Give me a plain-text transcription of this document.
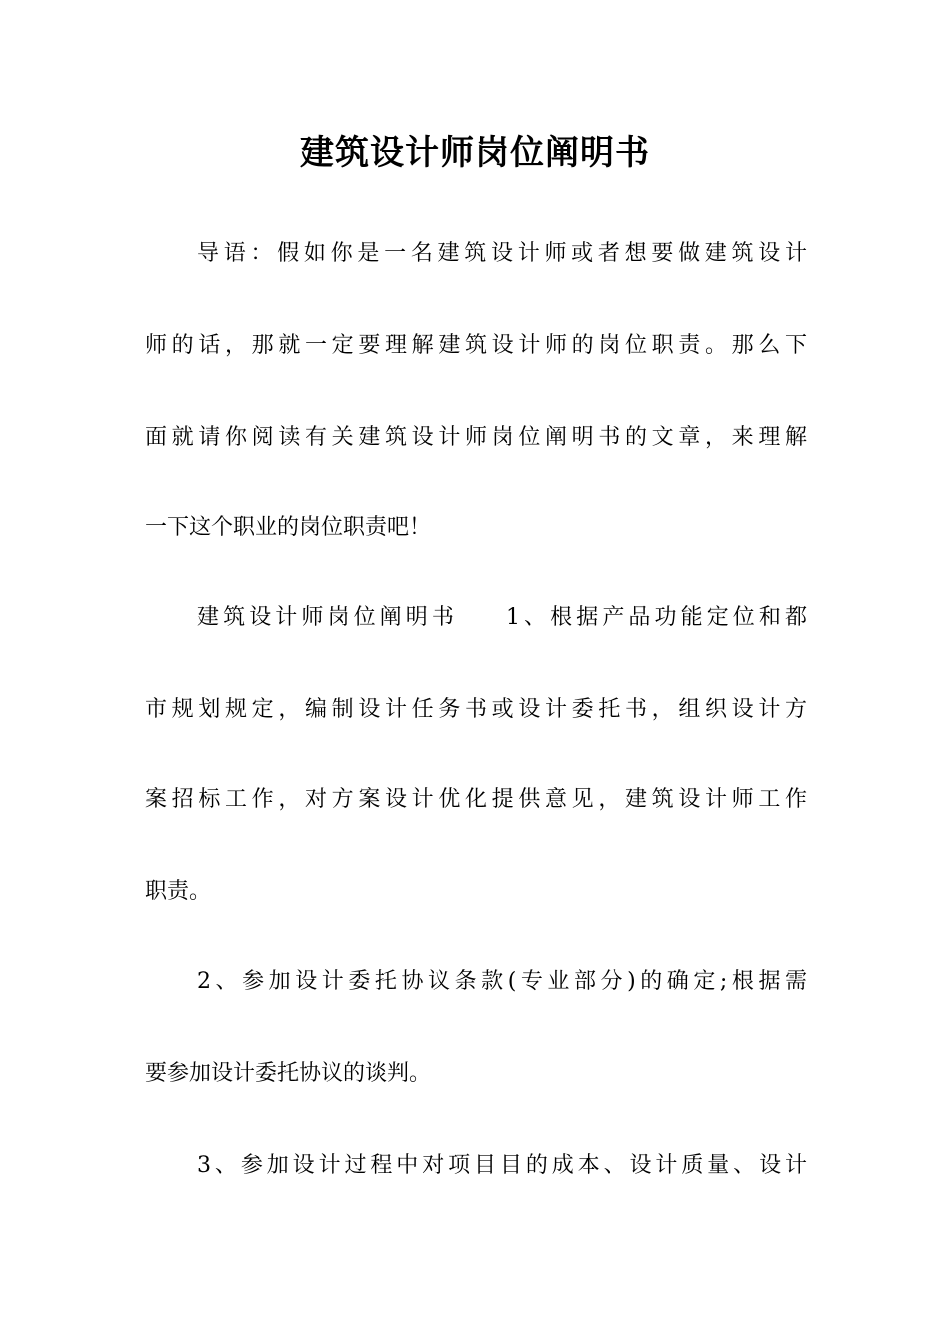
建筑设计师岗位阐明书
导语：假如你是一名建筑设计师或者想要做建筑设计
师的话，那就一定要理解建筑设计师的岗位职责。那么下
面就请你阅读有关建筑设计师岗位阐明书的文章，来理解
一下这个职业的岗位职责吧！
建筑设计师岗位阐明书 1、根据产品功能定位和都
市规划规定，编制设计任务书或设计委托书，组织设计方
案招标工作，对方案设计优化提供意见，建筑设计师工作
职责。
2、参加设计委托协议条款(专业部分)的确定;根据需
要参加设计委托协议的谈判。
3、参加设计过程中对项目目的成本、设计质量、设计
